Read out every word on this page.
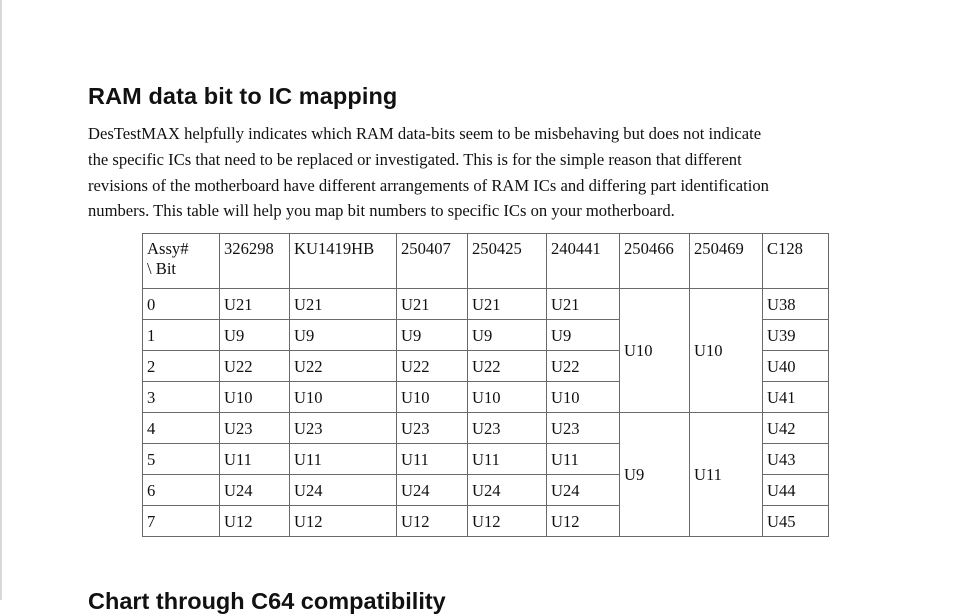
RAM data bit to IC mapping

DesTestMAX helpfully indicates which RAM data-bits seem to be misbehaving but does not indicate
the specific ICs that need to be replaced or investigated. This is for the simple reason that different
revisions of the motherboard have different arrangements of RAM ICs and differing part identification
numbers. This table will help you map bit numbers to specific ICs on your motherboard.

Assy#
\ Bit	326298	KU1419HB	250407	250425	240441	250466	250469	C128
0	U21	U21	U21	U21	U21	U10	U10	U38
1	U9	U9	U9	U9	U9			U39
2	U22	U22	U22	U22	U22			U40
3	U10	U10	U10	U10	U10			U41
4	U23	U23	U23	U23	U23	U9	U11	U42
5	U11	U11	U11	U11	U11			U43
6	U24	U24	U24	U24	U24			U44
7	U12	U12	U12	U12	U12			U45
Chart through C64 compatibility
